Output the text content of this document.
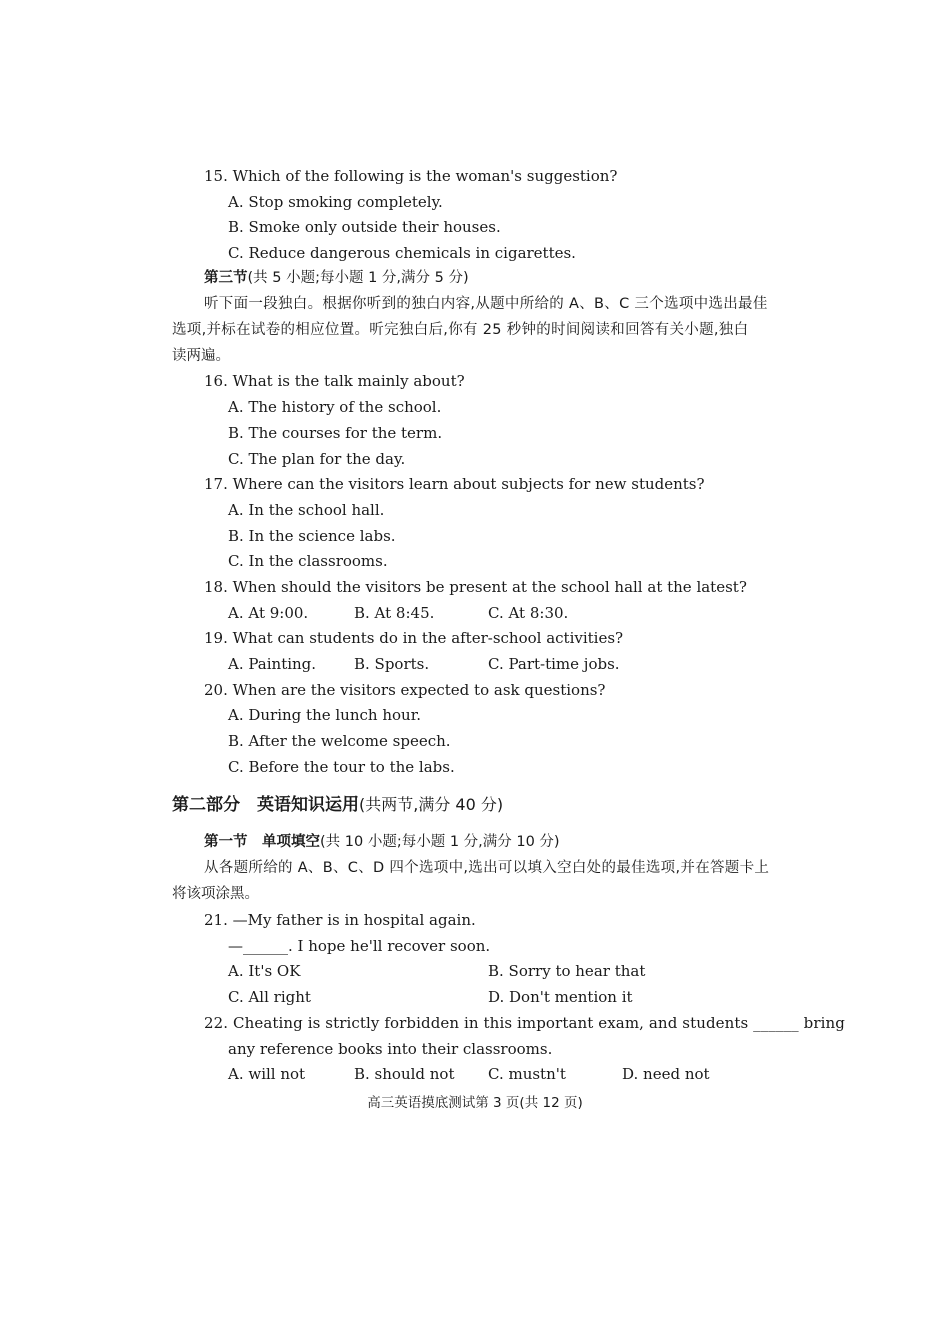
15. Which of the following is the woman's suggestion?
A. Stop smoking completely.
B. Smoke only outside their houses.
C. Reduce dangerous chemicals in cigarettes.
第三节(共 5 小题;每小题 1 分,满分 5 分)
听下面一段独白。根据你听到的独白内容,从题中所给的 A、B、C 三个选项中选出最佳
选项,并标在试卷的相应位置。听完独白后,你有 25 秒钟的时间阅读和回答有关小题,独白
读两遍。
16. What is the talk mainly about?
A. The history of the school.
B. The courses for the term.
C. The plan for the day.
17. Where can the visitors learn about subjects for new students?
A. In the school hall.
B. In the science labs.
C. In the classrooms.
18. When should the visitors be present at the school hall at the latest?
A. At 9:00.	B. At 8:45.	C. At 8:30.
19. What can students do in the after-school activities?
A. Painting.	B. Sports.	C. Part-time jobs.
20. When are the visitors expected to ask questions?
A. During the lunch hour.
B. After the welcome speech.
C. Before the tour to the labs.
第二部分　英语知识运用(共两节,满分 40 分)
第一节　单项填空(共 10 小题;每小题 1 分,满分 10 分)
从各题所给的 A、B、C、D 四个选项中,选出可以填入空白处的最佳选项,并在答题卡上
将该项涂黑。
21. —My father is in hospital again.
—______. I hope he'll recover soon.
A. It's OK	B. Sorry to hear that
C. All right	D. Don't mention it
22. Cheating is strictly forbidden in this important exam, and students ______ bring
any reference books into their classrooms.
A. will not	B. should not C. mustn't	D. need not
高三英语摸底测试第 3 页(共 12 页)
